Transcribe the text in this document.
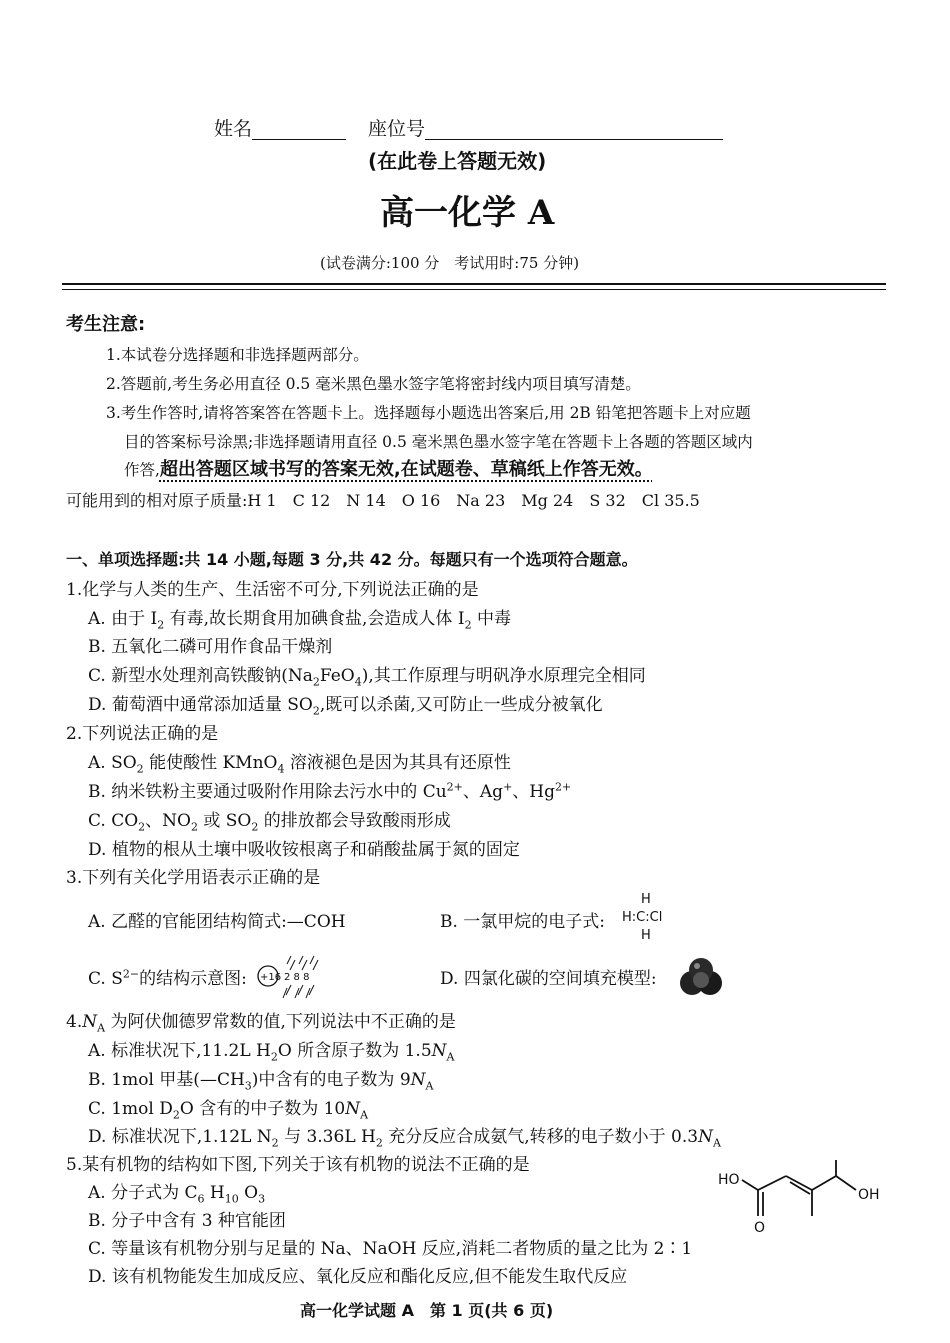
姓名	座位号
(在此卷上答题无效)
高一化学 A
(试卷满分:100 分　考试用时:75 分钟)
考生注意:
1.本试卷分选择题和非选择题两部分。
2.答题前,考生务必用直径 0.5 毫米黑色墨水签字笔将密封线内项目填写清楚。
3.考生作答时,请将答案答在答题卡上。选择题每小题选出答案后,用 2B 铅笔把答题卡上对应题
目的答案标号涂黑;非选择题请用直径 0.5 毫米黑色墨水签字笔在答题卡上各题的答题区域内
作答,超出答题区域书写的答案无效,在试题卷、草稿纸上作答无效。
可能用到的相对原子质量:H 1　C 12　N 14　O 16　Na 23　Mg 24　S 32　Cl 35.5
一、单项选择题:共 14 小题,每题 3 分,共 42 分。每题只有一个选项符合题意。
1.化学与人类的生产、生活密不可分,下列说法正确的是
A. 由于 $I_2$ 有毒,故长期食用加碘食盐,会造成人体 $I_2$ 中毒
B. 五氧化二磷可用作食品干燥剂
C. 新型水处理剂高铁酸钠$(Na_2FeO_4)$,其工作原理与明矾净水原理完全相同
D. 葡萄酒中通常添加适量 $SO_2$,既可以杀菌,又可防止一些成分被氧化
2.下列说法正确的是
A. $SO_2$ 能使酸性 KMnO$_4$ 溶液褪色是因为其具有还原性
B. 纳米铁粉主要通过吸附作用除去污水中的 $Cu^{2+}$、Ag+、$Hg^{2+}$
C. $CO_2$、$NO_2$ 或 $SO_2$ 的排放都会导致酸雨形成
D. 植物的根从土壤中吸收铵根离子和硝酸盐属于氮的固定
3.下列有关化学用语表示正确的是
A. 乙醛的官能团结构简式:—COH	B. 一氯甲烷的电子式:
H
H:C:Cl
H
C. $S^{2-}$的结构示意图: +16 2 8 8	D. 四氯化碳的空间填充模型:
$4.N_A$ 为阿伏伽德罗常数的值,下列说法中不正确的是
A. 标准状况下,11.2L $H_2O$ 所含原子数为 $1.5N_A$
B. 1mol 甲基$(—CH_3)$中含有的电子数为 $9N_A$
C. 1mol $D_2O$ 含有的中子数为 $10N_A$
D. 标准状况下,1.12L $N_2$ 与 3.36L $H_2$ 充分反应合成氨气,转移的电子数小于 $0.3N_A$
5.某有机物的结构如下图,下列关于该有机物的说法不正确的是
A. 分子式为 $C_6$ $H_{10}$ $O_3$
B. 分子中含有 3 种官能团
C. 等量该有机物分别与足量的 Na、NaOH 反应,消耗二者物质的量之比为 2∶1
D. 该有机物能发生加成反应、氧化反应和酯化反应,但不能发生取代反应
HO
OH
O
高一化学试题 A　第 1 页(共 6 页)
